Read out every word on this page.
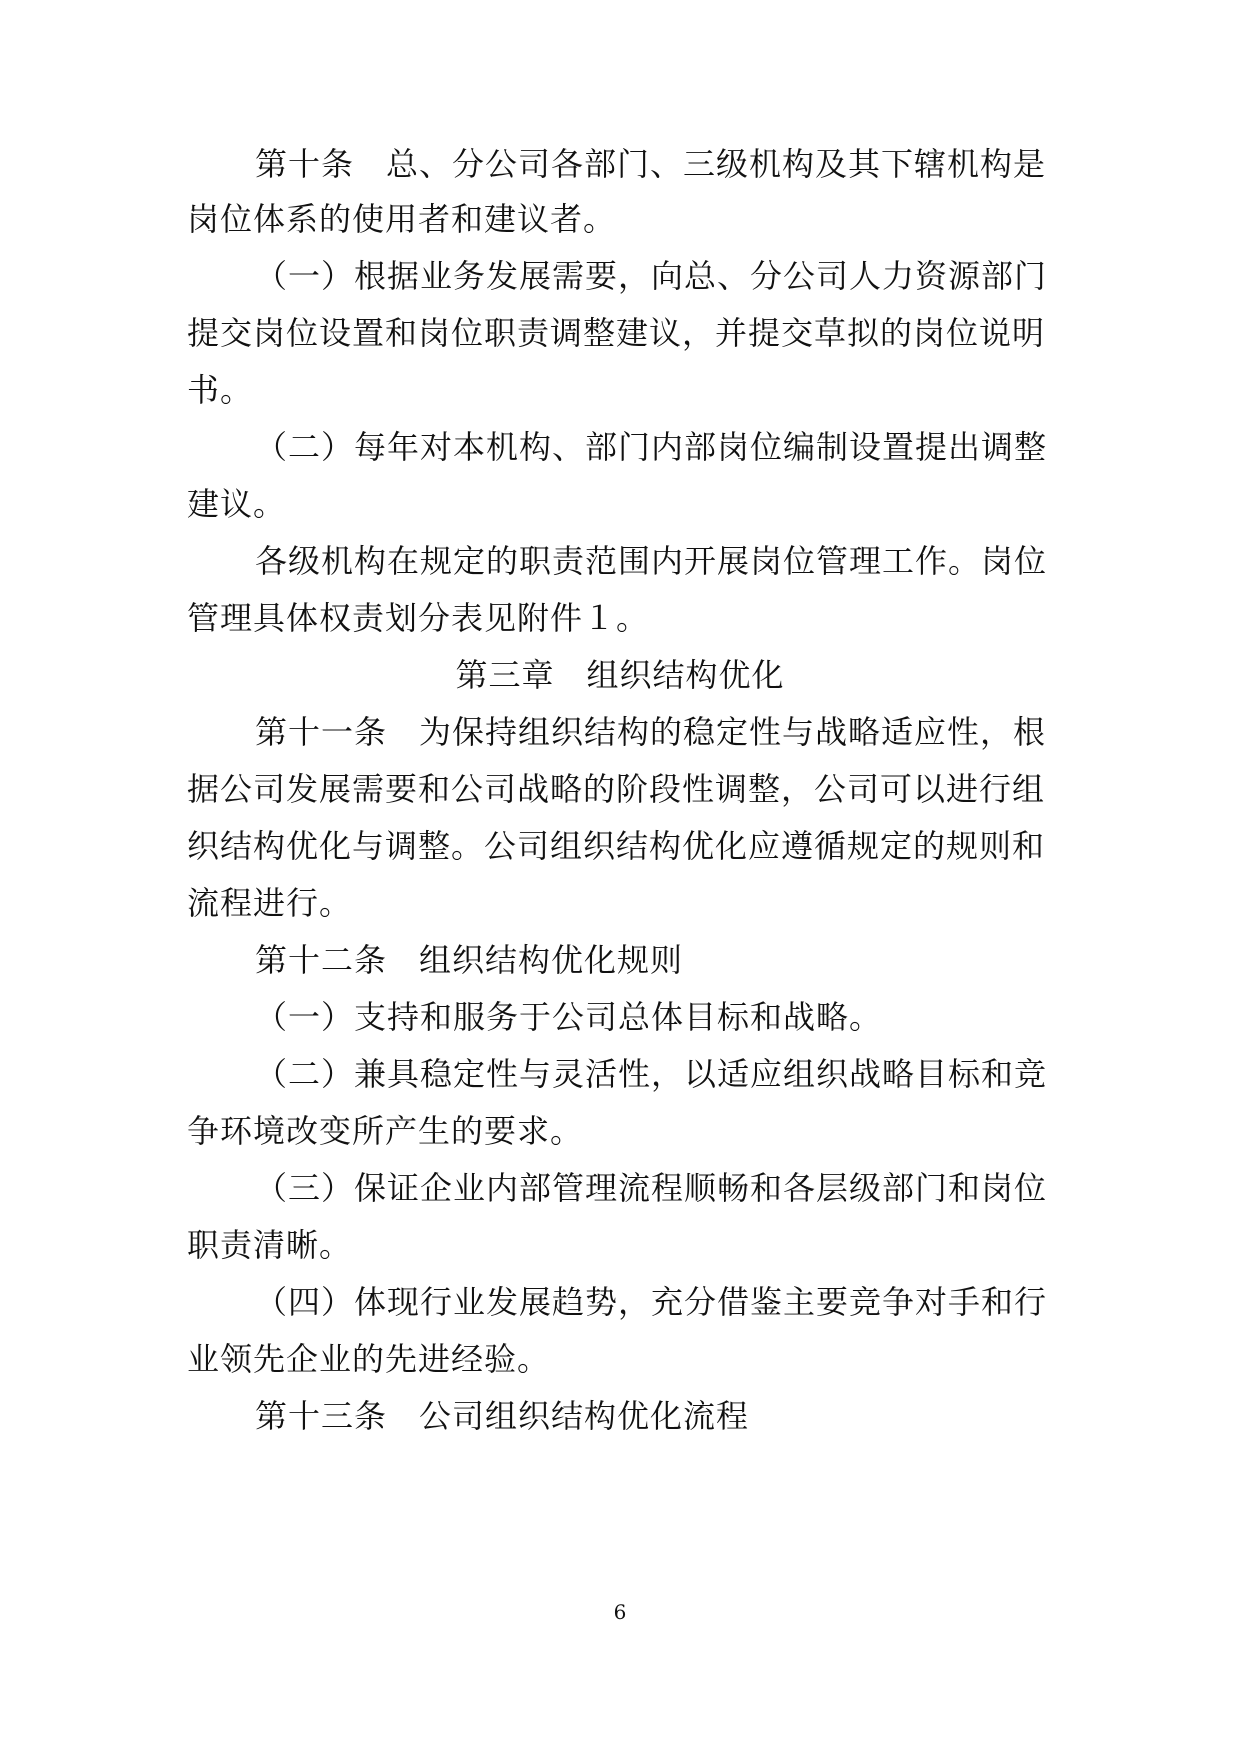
第十条 总、分公司各部门、三级机构及其下辖机构是
岗位体系的使用者和建议者。
（一）根据业务发展需要，向总、分公司人力资源部门
提交岗位设置和岗位职责调整建议，并提交草拟的岗位说明
书。
（二）每年对本机构、部门内部岗位编制设置提出调整
建议。
各级机构在规定的职责范围内开展岗位管理工作。岗位
管理具体权责划分表见附件１。
第三章 组织结构优化
第十一条 为保持组织结构的稳定性与战略适应性，根
据公司发展需要和公司战略的阶段性调整，公司可以进行组
织结构优化与调整。公司组织结构优化应遵循规定的规则和
流程进行。
第十二条 组织结构优化规则
（一）支持和服务于公司总体目标和战略。
（二）兼具稳定性与灵活性，以适应组织战略目标和竞
争环境改变所产生的要求。
（三）保证企业内部管理流程顺畅和各层级部门和岗位
职责清晰。
（四）体现行业发展趋势，充分借鉴主要竞争对手和行
业领先企业的先进经验。
第十三条 公司组织结构优化流程
6
